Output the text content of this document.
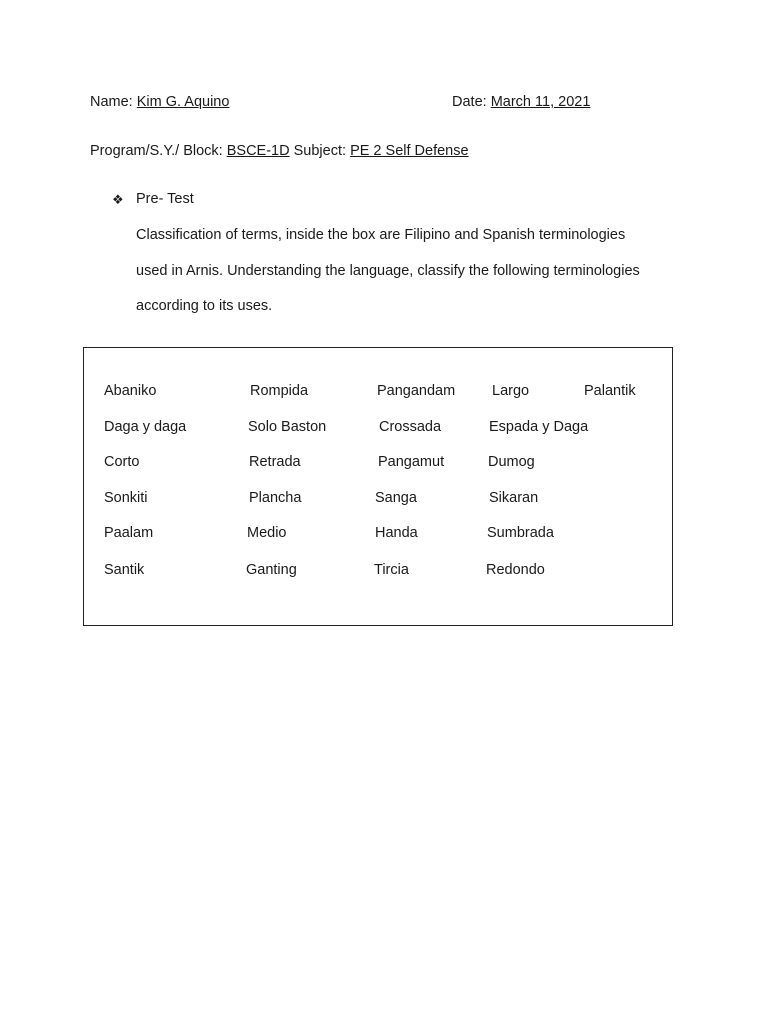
Name: Kim G. Aquino	Date: March 11, 2021
Program/S.Y./ Block: BSCE-1D Subject: PE 2 Self Defense
❖ Pre- Test
Classification of terms, inside the box are Filipino and Spanish terminologies
used in Arnis. Understanding the language, classify the following terminologies
according to its uses.
Abaniko	Rompida	Pangandam	Largo	Palantik
Daga y daga	Solo Baston	Crossada	Espada y Daga
Corto	Retrada	Pangamut	Dumog
Sonkiti	Plancha	Sanga	Sikaran
Paalam	Medio	Handa	Sumbrada
Santik	Ganting	Tircia	Redondo
